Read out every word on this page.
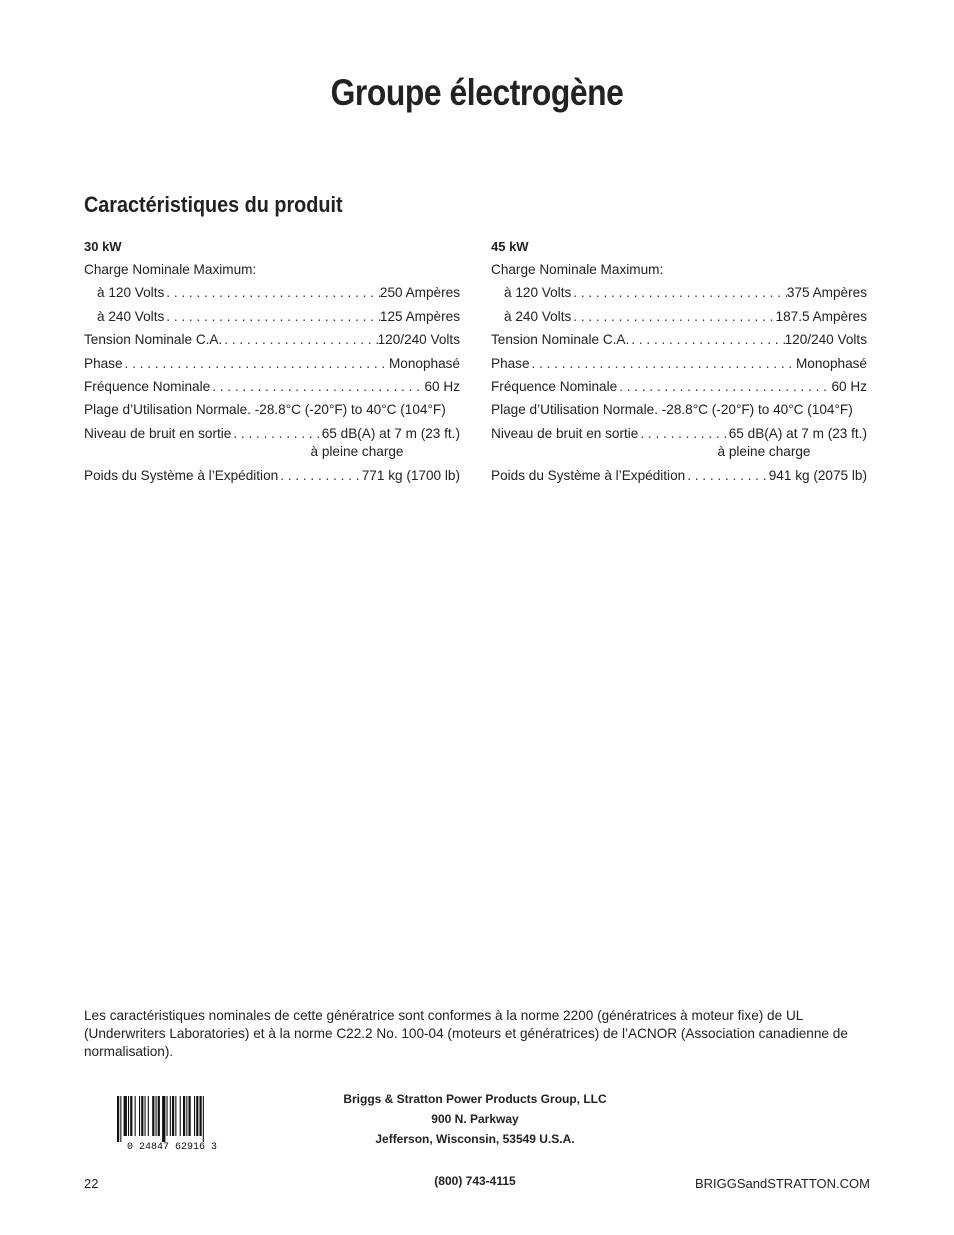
Groupe électrogène
Caractéristiques du produit
30 kW
Charge Nominale Maximum:
à 120 Volts . . .	250 Ampères
à 240 Volts . . .	125 Ampères
Tension Nominale C.A. . . .	120/240 Volts
Phase . . .	Monophasé
Fréquence Nominale . . .	60 Hz
Plage d’Utilisation Normale. -28.8°C (-20°F) to 40°C (104°F)
Niveau de bruit en sortie . . .	65 dB(A) at 7 m (23 ft.)
à pleine charge
Poids du Système à l’Expédition . . .	771 kg (1700 lb)
45 kW
Charge Nominale Maximum:
à 120 Volts . . .	375 Ampères
à 240 Volts . . .	187.5 Ampères
Tension Nominale C.A. . . .	120/240 Volts
Phase . . .	Monophasé
Fréquence Nominale . . .	60 Hz
Plage d’Utilisation Normale. -28.8°C (-20°F) to 40°C (104°F)
Niveau de bruit en sortie . . .	65 dB(A) at 7 m (23 ft.)
à pleine charge
Poids du Système à l’Expédition . . .	941 kg (2075 lb)

Les caractéristiques nominales de cette génératrice sont conformes à la norme 2200 (génératrices à moteur fixe) de UL (Underwriters Laboratories) et à la norme C22.2 No. 100-04 (moteurs et génératrices) de l’ACNOR (Association canadienne de normalisation).

0 24847 62916 3
Briggs & Stratton Power Products Group, LLC
900 N. Parkway
Jefferson, Wisconsin, 53549 U.S.A.
22	(800) 743-4115	BRIGGSandSTRATTON.COM
